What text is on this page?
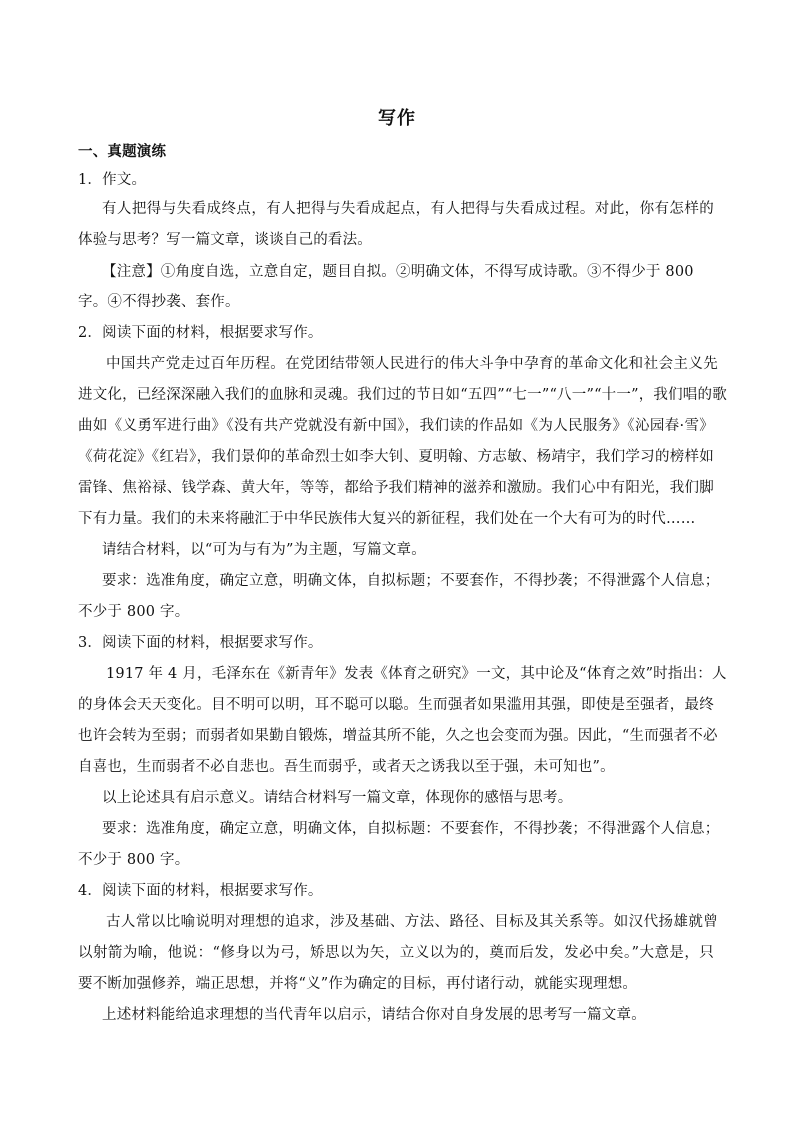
写作
一、真题演练
1．作文。
有人把得与失看成终点，有人把得与失看成起点，有人把得与失看成过程。对此，你有怎样的
体验与思考？写一篇文章，谈谈自己的看法。
【注意】①角度自选，立意自定，题目自拟。②明确文体，不得写成诗歌。③不得少于 800
字。④不得抄袭、套作。
2．阅读下面的材料，根据要求写作。
中国共产党走过百年历程。在党团结带领人民进行的伟大斗争中孕育的革命文化和社会主义先
进文化，已经深深融入我们的血脉和灵魂。我们过的节日如“五四”“七一”“八一”“十一”，我们唱的歌
曲如《义勇军进行曲》《没有共产党就没有新中国》，我们读的作品如《为人民服务》《沁园春·雪》
《荷花淀》《红岩》，我们景仰的革命烈士如李大钊、夏明翰、方志敏、杨靖宇，我们学习的榜样如
雷锋、焦裕禄、钱学森、黄大年，等等，都给予我们精神的滋养和激励。我们心中有阳光，我们脚
下有力量。我们的未来将融汇于中华民族伟大复兴的新征程，我们处在一个大有可为的时代……
请结合材料，以“可为与有为”为主题，写篇文章。
要求：选准角度，确定立意，明确文体，自拟标题；不要套作，不得抄袭；不得泄露个人信息；
不少于 800 字。
3．阅读下面的材料，根据要求写作。
1917 年 4 月，毛泽东在《新青年》发表《体育之研究》一文，其中论及“体育之效”时指出：人
的身体会天天变化。目不明可以明，耳不聪可以聪。生而强者如果滥用其强，即使是至强者，最终
也许会转为至弱；而弱者如果勤自锻炼，增益其所不能，久之也会变而为强。因此，“生而强者不必
自喜也，生而弱者不必自悲也。吾生而弱乎，或者天之诱我以至于强，未可知也”。
以上论述具有启示意义。请结合材料写一篇文章，体现你的感悟与思考。
要求：选准角度，确定立意，明确文体，自拟标题：不要套作，不得抄袭；不得泄露个人信息；
不少于 800 字。
4．阅读下面的材料，根据要求写作。
古人常以比喻说明对理想的追求，涉及基础、方法、路径、目标及其关系等。如汉代扬雄就曾
以射箭为喻，他说：“修身以为弓，矫思以为矢，立义以为的，奠而后发，发必中矣。”大意是，只
要不断加强修养，端正思想，并将“义”作为确定的目标，再付诸行动，就能实现理想。
上述材料能给追求理想的当代青年以启示，请结合你对自身发展的思考写一篇文章。
